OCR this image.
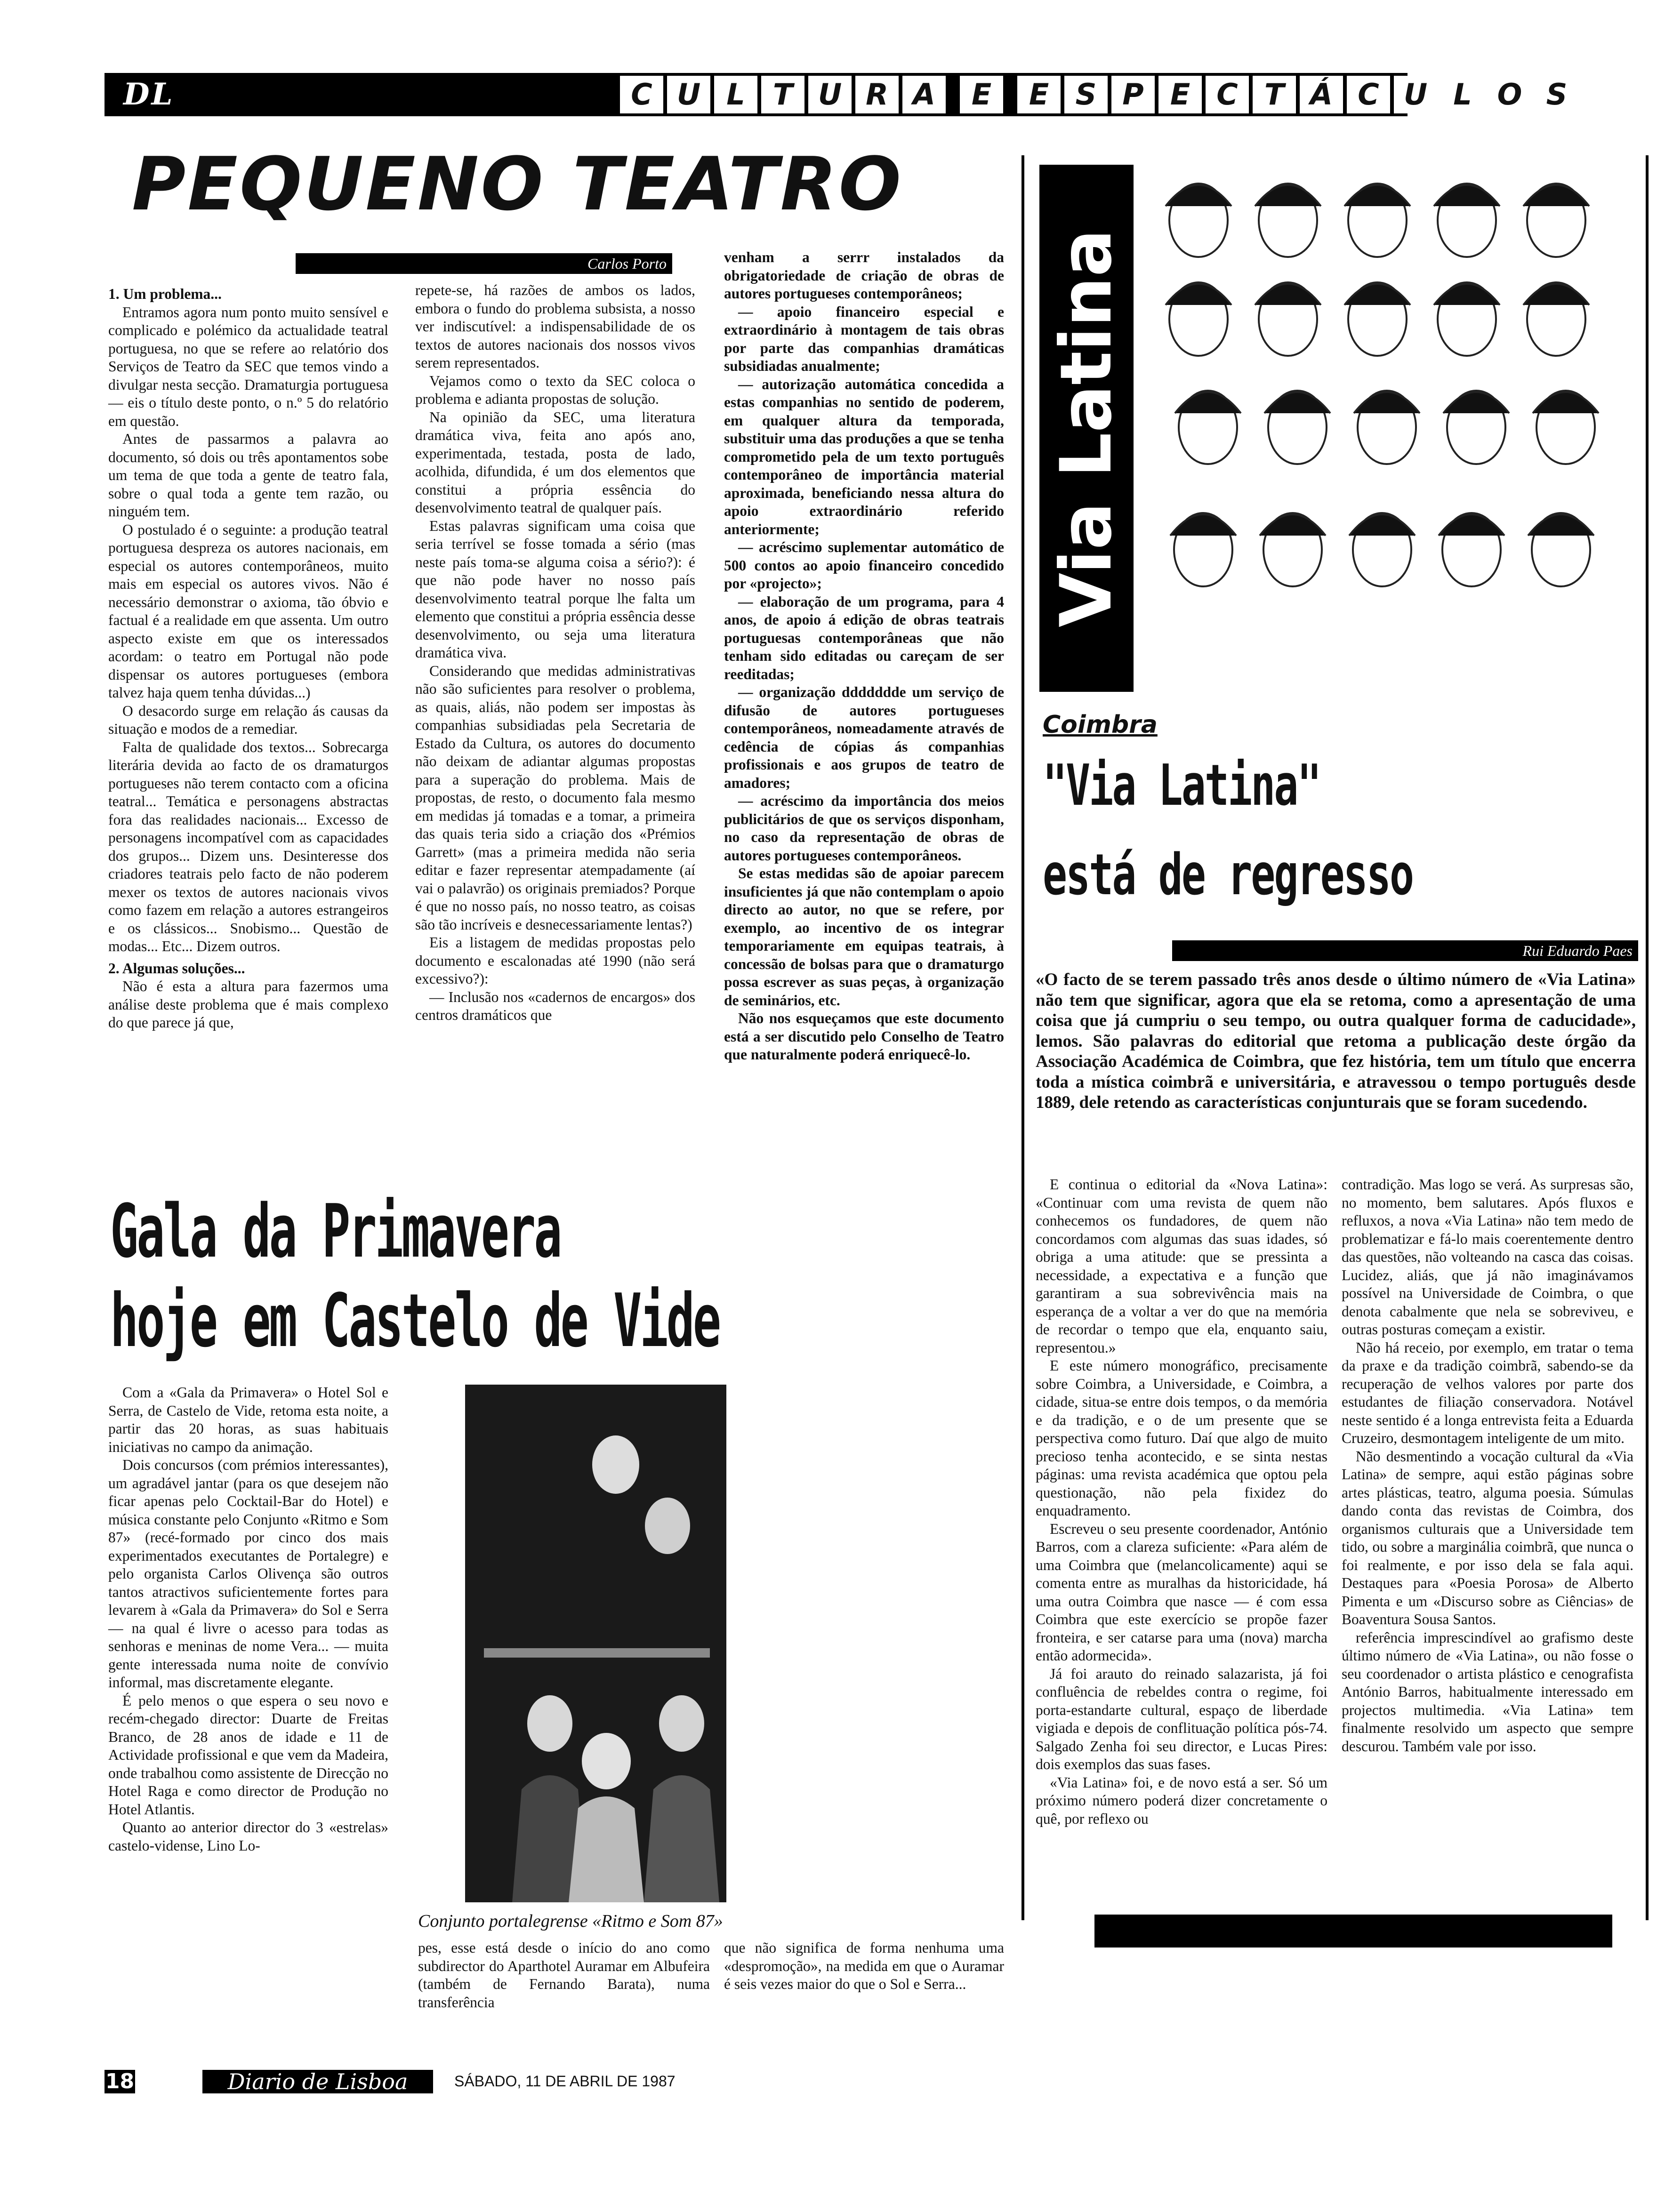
DL	C U L T U R A	E	E S P E C T Á C U L O S
PEQUENO TEATRO
Carlos Porto

1. Um problema...

Entramos agora num ponto muito sensível e complicado e polémico da actualidade teatral portuguesa, no que se refere ao relatório dos Serviços de Teatro da SEC que temos vindo a divulgar nesta secção. Dramaturgia portuguesa — eis o título deste ponto, o n.º 5 do relatório em questão.

Antes de passarmos a palavra ao documento, só dois ou três apontamentos sobe um tema de que toda a gente de teatro fala, sobre o qual toda a gente tem razão, ou ninguém tem.

O postulado é o seguinte: a produção teatral portuguesa despreza os autores nacionais, em especial os autores contemporâneos, muito mais em especial os autores vivos. Não é necessário demonstrar o axioma, tão óbvio e factual é a realidade em que assenta. Um outro aspecto existe em que os interessados acordam: o teatro em Portugal não pode dispensar os autores portugueses (embora talvez haja quem tenha dúvidas...)

O desacordo surge em relação ás causas da situação e modos de a remediar.

Falta de qualidade dos textos... Sobrecarga literária devida ao facto de os dramaturgos portugueses não terem contacto com a oficina teatral... Temática e personagens abstractas fora das realidades nacionais... Excesso de personagens incompatível com as capacidades dos grupos... Dizem uns. Desinteresse dos criadores teatrais pelo facto de não poderem mexer os textos de autores nacionais vivos como fazem em relação a autores estrangeiros e os clássicos... Snobismo... Questão de modas... Etc... Dizem outros.

2. Algumas soluções...

Não é esta a altura para fazermos uma análise deste problema que é mais complexo do que parece já que,

repete-se, há razões de ambos os lados, embora o fundo do problema subsista, a nosso ver indiscutível: a indispensabilidade de os textos de autores nacionais dos nossos vivos serem representados.

Vejamos como o texto da SEC coloca o problema e adianta propostas de solução.

Na opinião da SEC, uma literatura dramática viva, feita ano após ano, experimentada, testada, posta de lado, acolhida, difundida, é um dos elementos que constitui a própria essência do desenvolvimento teatral de qualquer país.

Estas palavras significam uma coisa que seria terrível se fosse tomada a sério (mas neste país toma-se alguma coisa a sério?): é que não pode haver no nosso país desenvolvimento teatral porque lhe falta um elemento que constitui a própria essência desse desenvolvimento, ou seja uma literatura dramática viva.

Considerando que medidas administrativas não são suficientes para resolver o problema, as quais, aliás, não podem ser impostas às companhias subsidiadas pela Secretaria de Estado da Cultura, os autores do documento não deixam de adiantar algumas propostas para a superação do problema. Mais de propostas, de resto, o documento fala mesmo em medidas já tomadas e a tomar, a primeira das quais teria sido a criação dos «Prémios Garrett» (mas a primeira medida não seria editar e fazer representar atempadamente (aí vai o palavrão) os originais premiados? Porque é que no nosso país, no nosso teatro, as coisas são tão incríveis e desnecessariamente lentas?)

Eis a listagem de medidas propostas pelo documento e escalonadas até 1990 (não será excessivo?):

— Inclusão nos «cadernos de encargos» dos centros dramáticos que

venham a serrr instalados da obrigatoriedade de criação de obras de autores portugueses contemporâneos;

— apoio financeiro especial e extraordinário à montagem de tais obras por parte das companhias dramáticas subsidiadas anualmente;

— autorização automática concedida a estas companhias no sentido de poderem, em qualquer altura da temporada, substituir uma das produções a que se tenha comprometido pela de um texto português contemporâneo de importância material aproximada, beneficiando nessa altura do apoio extraordinário referido anteriormente;

— acréscimo suplementar automático de 500 contos ao apoio financeiro concedido por «projecto»;

— elaboração de um programa, para 4 anos, de apoio á edição de obras teatrais portuguesas contemporâneas que não tenham sido editadas ou careçam de ser reeditadas;

— organização ddddddde um serviço de difusão de autores portugueses contemporâneos, nomeadamente através de cedência de cópias ás companhias profissionais e aos grupos de teatro de amadores;

— acréscimo da importância dos meios publicitários de que os serviços disponham, no caso da representação de obras de autores portugueses contemporâneos.

Se estas medidas são de apoiar parecem insuficientes já que não contemplam o apoio directo ao autor, no que se refere, por exemplo, ao incentivo de os integrar temporariamente em equipas teatrais, à concessão de bolsas para que o dramaturgo possa escrever as suas peças, à organização de seminários, etc.

Não nos esqueçamos que este documento está a ser discutido pelo Conselho de Teatro que naturalmente poderá enriquecê-lo.

Via Latina
Coimbra
"Via Latina"
está de regresso
Rui Eduardo Paes
«O facto de se terem passado três anos desde o último número de «Via Latina» não tem que significar, agora que ela se retoma, como a apresentação de uma coisa que já cumpriu o seu tempo, ou outra qualquer forma de caducidade», lemos. São palavras do editorial que retoma a publicação deste órgão da Associação Académica de Coimbra, que fez história, tem um título que encerra toda a mística coimbrã e universitária, e atravessou o tempo português desde 1889, dele retendo as características conjunturais que se foram sucedendo.

E continua o editorial da «Nova Latina»: «Continuar com uma revista de quem não conhecemos os fundadores, de quem não concordamos com algumas das suas idades, só obriga a uma atitude: que se pressinta a necessidade, a expectativa e a função que garantiram a sua sobrevivência mais na esperança de a voltar a ver do que na memória de recordar o tempo que ela, enquanto saiu, representou.»

E este número monográfico, precisamente sobre Coimbra, a Universidade, e Coimbra, a cidade, situa-se entre dois tempos, o da memória e da tradição, e o de um presente que se perspectiva como futuro. Daí que algo de muito precioso tenha acontecido, e se sinta nestas páginas: uma revista académica que optou pela questionação, não pela fixidez do enquadramento.

Escreveu o seu presente coordenador, António Barros, com a clareza suficiente: «Para além de uma Coimbra que (melancolicamente) aqui se comenta entre as muralhas da historicidade, há uma outra Coimbra que nasce — é com essa Coimbra que este exercício se propõe fazer fronteira, e ser catarse para uma (nova) marcha então adormecida».

Já foi arauto do reinado salazarista, já foi confluência de rebeldes contra o regime, foi porta-estandarte cultural, espaço de liberdade vigiada e depois de conflituação política pós-74. Salgado Zenha foi seu director, e Lucas Pires: dois exemplos das suas fases.

«Via Latina» foi, e de novo está a ser. Só um próximo número poderá dizer concretamente o quê, por reflexo ou

contradição. Mas logo se verá. As surpresas são, no momento, bem salutares. Após fluxos e refluxos, a nova «Via Latina» não tem medo de problematizar e fá-lo mais coerentemente dentro das questões, não volteando na casca das coisas. Lucidez, aliás, que já não imaginávamos possível na Universidade de Coimbra, o que denota cabalmente que nela se sobreviveu, e outras posturas começam a existir.

Não há receio, por exemplo, em tratar o tema da praxe e da tradição coimbrã, sabendo-se da recuperação de velhos valores por parte dos estudantes de filiação conservadora. Notável neste sentido é a longa entrevista feita a Eduarda Cruzeiro, desmontagem inteligente de um mito.

Não desmentindo a vocação cultural da «Via Latina» de sempre, aqui estão páginas sobre artes plásticas, teatro, alguma poesia. Súmulas dando conta das revistas de Coimbra, dos organismos culturais que a Universidade tem tido, ou sobre a marginália coimbrã, que nunca o foi realmente, e por isso dela se fala aqui. Destaques para «Poesia Porosa» de Alberto Pimenta e um «Discurso sobre as Ciências» de Boaventura Sousa Santos.

referência imprescindível ao grafismo deste último número de «Via Latina», ou não fosse o seu coordenador o artista plástico e cenografista António Barros, habitualmente interessado em projectos multimedia. «Via Latina» tem finalmente resolvido um aspecto que sempre descurou. Também vale por isso.

Gala da Primavera
hoje em Castelo de Vide

Com a «Gala da Primavera» o Hotel Sol e Serra, de Castelo de Vide, retoma esta noite, a partir das 20 horas, as suas habituais iniciativas no campo da animação.

Dois concursos (com prémios interessantes), um agradável jantar (para os que desejem não ficar apenas pelo Cocktail-Bar do Hotel) e música constante pelo Conjunto «Ritmo e Som 87» (recé-formado por cinco dos mais experimentados executantes de Portalegre) e pelo organista Carlos Olivença são outros tantos atractivos suficientemente fortes para levarem à «Gala da Primavera» do Sol e Serra — na qual é livre o acesso para todas as senhoras e meninas de nome Vera... — muita gente interessada numa noite de convívio informal, mas discretamente elegante.

É pelo menos o que espera o seu novo e recém-chegado director: Duarte de Freitas Branco, de 28 anos de idade e 11 de Actividade profissional e que vem da Madeira, onde trabalhou como assistente de Direcção no Hotel Raga e como director de Produção no Hotel Atlantis.

Quanto ao anterior director do 3 «estrelas» castelo-vidense, Lino Lo-

Conjunto portalegrense «Ritmo e Som 87»

pes, esse está desde o início do ano como subdirector do Aparthotel Auramar em Albufeira (também de Fernando Barata), numa transferência

que não significa de forma nenhuma uma «despromoção», na medida em que o Auramar é seis vezes maior do que o Sol e Serra...

18	Diario de Lisboa	SÁBADO, 11 DE ABRIL DE 1987
